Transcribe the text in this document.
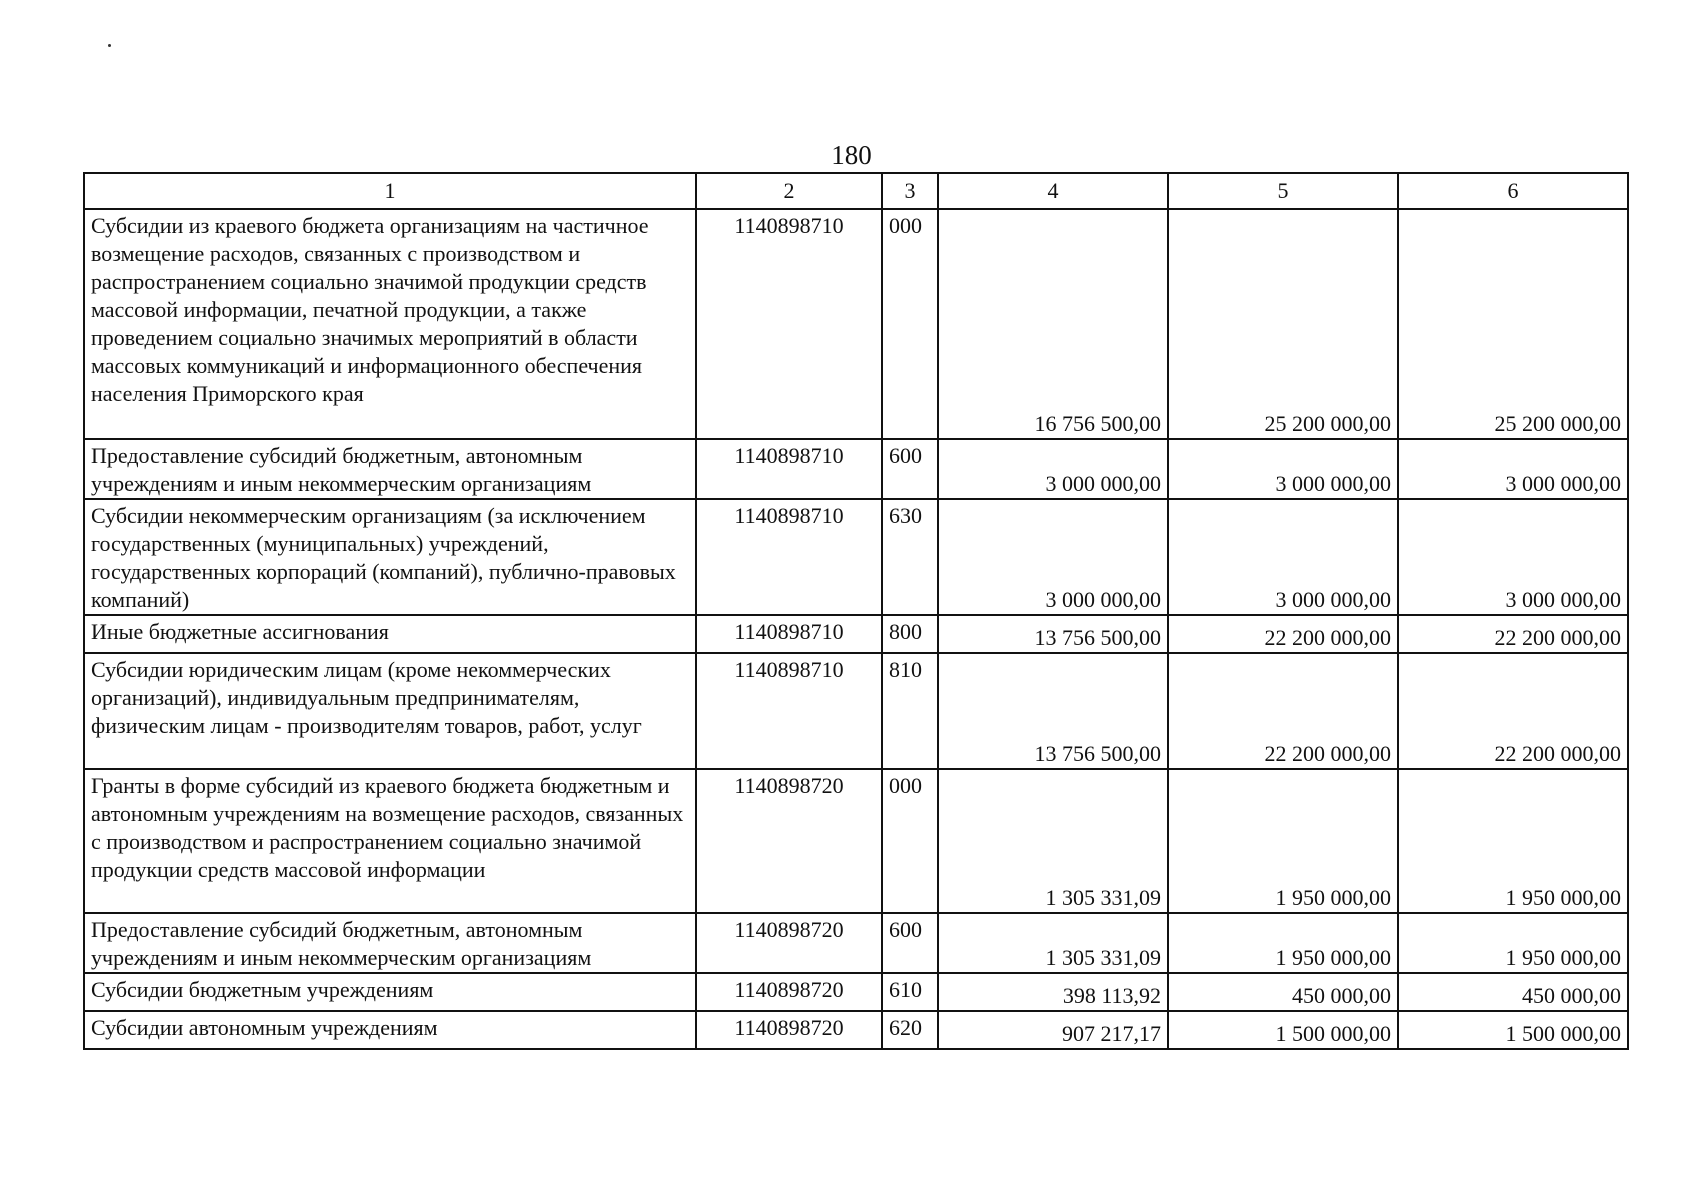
180
1	2	3	4	5	6
Субсидии из краевого бюджета организациям на частичное возмещение расходов, связанных с производством и распространением социально значимой продукции средств массовой информации, печатной продукции, а также проведением социально значимых мероприятий в области массовых коммуникаций и информационного обеспечения населения Приморского края	1140898710	000	16 756 500,00	25 200 000,00	25 200 000,00
Предоставление субсидий бюджетным, автономным учреждениям и иным некоммерческим организациям	1140898710	600	3 000 000,00	3 000 000,00	3 000 000,00
Субсидии некоммерческим организациям (за исключением государственных (муниципальных) учреждений, государственных корпораций (компаний), публично-правовых компаний)	1140898710	630	3 000 000,00	3 000 000,00	3 000 000,00
Иные бюджетные ассигнования	1140898710	800	13 756 500,00	22 200 000,00	22 200 000,00
Субсидии юридическим лицам (кроме некоммерческих организаций), индивидуальным предпринимателям, физическим лицам - производителям товаров, работ, услуг	1140898710	810	13 756 500,00	22 200 000,00	22 200 000,00
Гранты в форме субсидий из краевого бюджета бюджетным и автономным учреждениям на возмещение расходов, связанных с производством и распространением социально значимой продукции средств массовой информации	1140898720	000	1 305 331,09	1 950 000,00	1 950 000,00
Предоставление субсидий бюджетным, автономным учреждениям и иным некоммерческим организациям	1140898720	600	1 305 331,09	1 950 000,00	1 950 000,00
Субсидии бюджетным учреждениям	1140898720	610	398 113,92	450 000,00	450 000,00
Субсидии автономным учреждениям	1140898720	620	907 217,17	1 500 000,00	1 500 000,00
